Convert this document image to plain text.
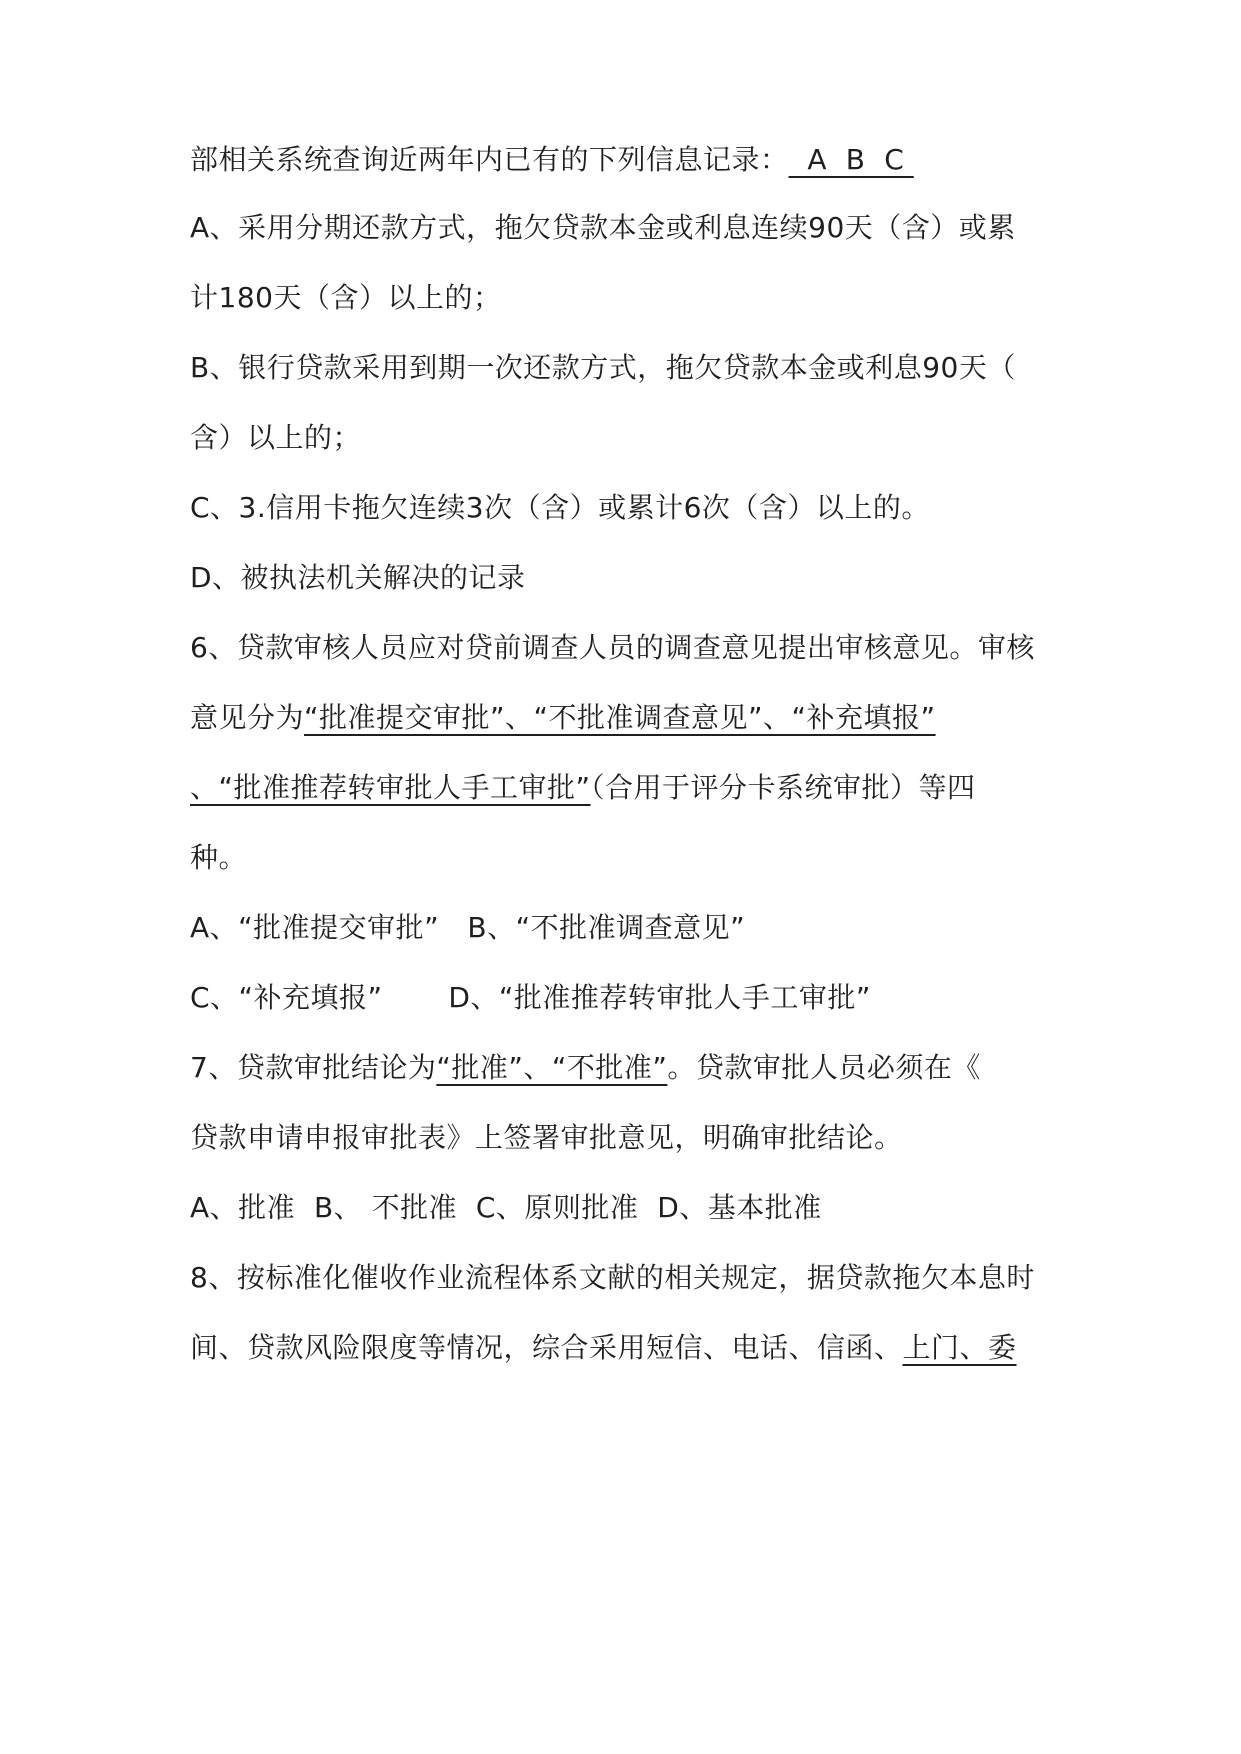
部相关系统查询近两年内已有的下列信息记录：  A  B  C
A、采用分期还款方式，拖欠贷款本金或利息连续90天（含）或累
计180天（含）以上的；
B、银行贷款采用到期一次还款方式，拖欠贷款本金或利息90天（
含）以上的；
C、3.信用卡拖欠连续3次（含）或累计6次（含）以上的。
D、被执法机关解决的记录
6、贷款审核人员应对贷前调查人员的调查意见提出审核意见。审核
意见分为“批准提交审批”、“不批准调查意见”、“补充填报”
、“批准推荐转审批人手工审批”（合用于评分卡系统审批）等四
种。
A、“批准提交审批”   B、“不批准调查意见”
C、“补充填报”       D、“批准推荐转审批人手工审批”
7、贷款审批结论为“批准”、“不批准”。贷款审批人员必须在《
贷款申请申报审批表》上签署审批意见，明确审批结论。
A、批准  B、 不批准  C、原则批准  D、基本批准
8、按标准化催收作业流程体系文献的相关规定，据贷款拖欠本息时
间、贷款风险限度等情况，综合采用短信、电话、信函、上门、委
